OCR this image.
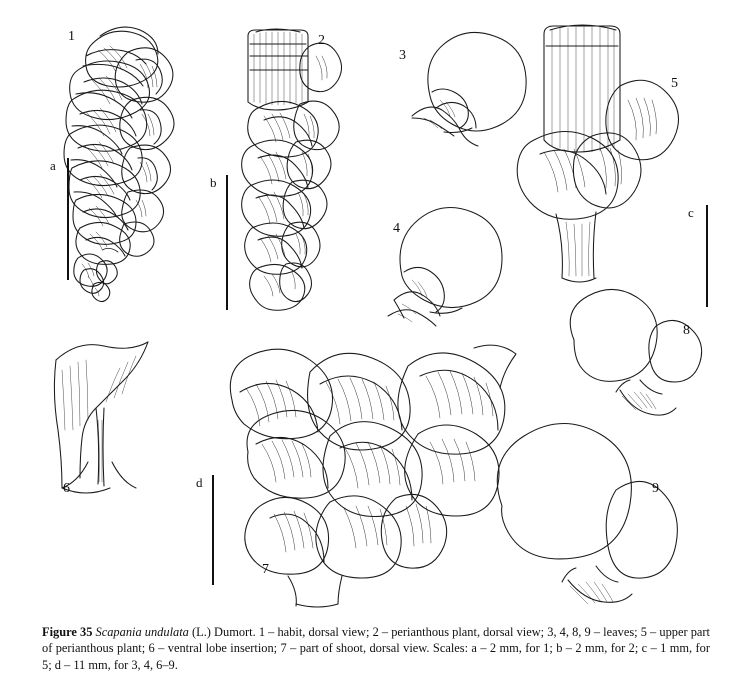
1	2
3
4
5
6
7
8
9
a
b
c
d
Figure 35 Scapania undulata (L.) Dumort. 1 – habit, dorsal view; 2 – perianthous plant, dorsal view; 3, 4, 8, 9 – leaves; 5 – upper part of perianthous plant; 6 – ventral lobe insertion; 7 – part of shoot, dorsal view. Scales: a – 2 mm, for 1; b – 2 mm, for 2; c – 1 mm, for 5; d – 11 mm, for 3, 4, 6–9.
